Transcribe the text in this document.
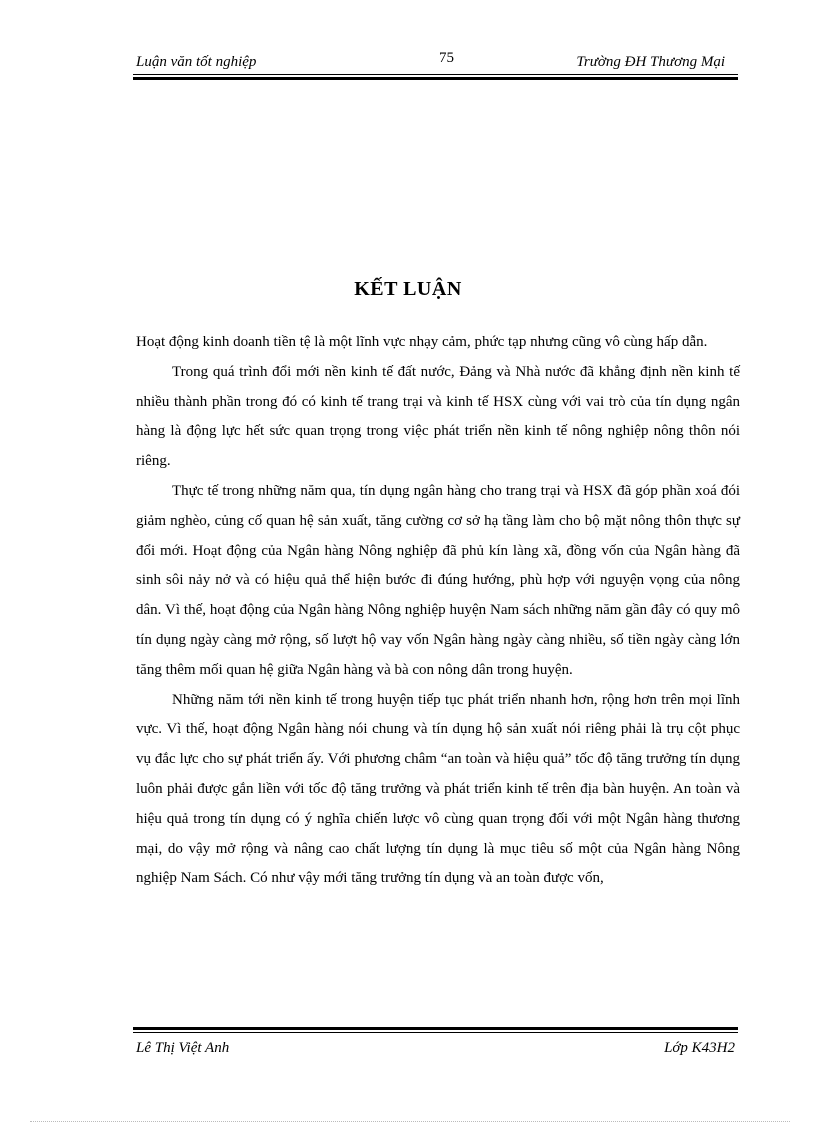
Luận văn tốt nghiệp	75	Trường ĐH Thương Mại
KẾT LUẬN

Hoạt động kinh doanh tiền tệ là một lĩnh vực nhạy cảm, phức tạp nhưng cũng vô cùng hấp dẫn.

Trong quá trình đổi mới nền kinh tế đất nước, Đảng và Nhà nước đã khẳng định nền kinh tế nhiều thành phần trong đó có kinh tế trang trại và kinh tế HSX cùng với vai trò của tín dụng ngân hàng là động lực hết sức quan trọng trong việc phát triển nền kinh tế nông nghiệp nông thôn nói riêng.

Thực tế trong những năm qua, tín dụng ngân hàng cho trang trại và HSX đã góp phần xoá đói giảm nghèo, củng cố quan hệ sản xuất, tăng cường cơ sở hạ tầng làm cho bộ mặt nông thôn thực sự đổi mới. Hoạt động của Ngân hàng Nông nghiệp đã phủ kín làng xã, đồng vốn của Ngân hàng đã sinh sôi nảy nở và có hiệu quả thể hiện bước đi đúng hướng, phù hợp với nguyện vọng của nông dân. Vì thế, hoạt động của Ngân hàng Nông nghiệp huyện Nam sách những năm gần đây có quy mô tín dụng ngày càng mở rộng, số lượt hộ vay vốn Ngân hàng ngày càng nhiều, số tiền ngày càng lớn tăng thêm mối quan hệ giữa Ngân hàng và bà con nông dân trong huyện.

Những năm tới nền kinh tế trong huyện tiếp tục phát triển nhanh hơn, rộng hơn trên mọi lĩnh vực. Vì thế, hoạt động Ngân hàng nói chung và tín dụng hộ sản xuất nói riêng phải là trụ cột phục vụ đắc lực cho sự phát triển ấy. Với phương châm “an toàn và hiệu quả” tốc độ tăng trưởng tín dụng luôn phải được gắn liền với tốc độ tăng trưởng và phát triển kinh tế trên địa bàn huyện. An toàn và hiệu quả trong tín dụng có ý nghĩa chiến lược vô cùng quan trọng đối với một Ngân hàng thương mại, do vậy mở rộng và nâng cao chất lượng tín dụng là mục tiêu số một của Ngân hàng Nông nghiệp Nam Sách. Có như vậy mới tăng trưởng tín dụng và an toàn được vốn,

Lê Thị Việt Anh	Lớp K43H2
